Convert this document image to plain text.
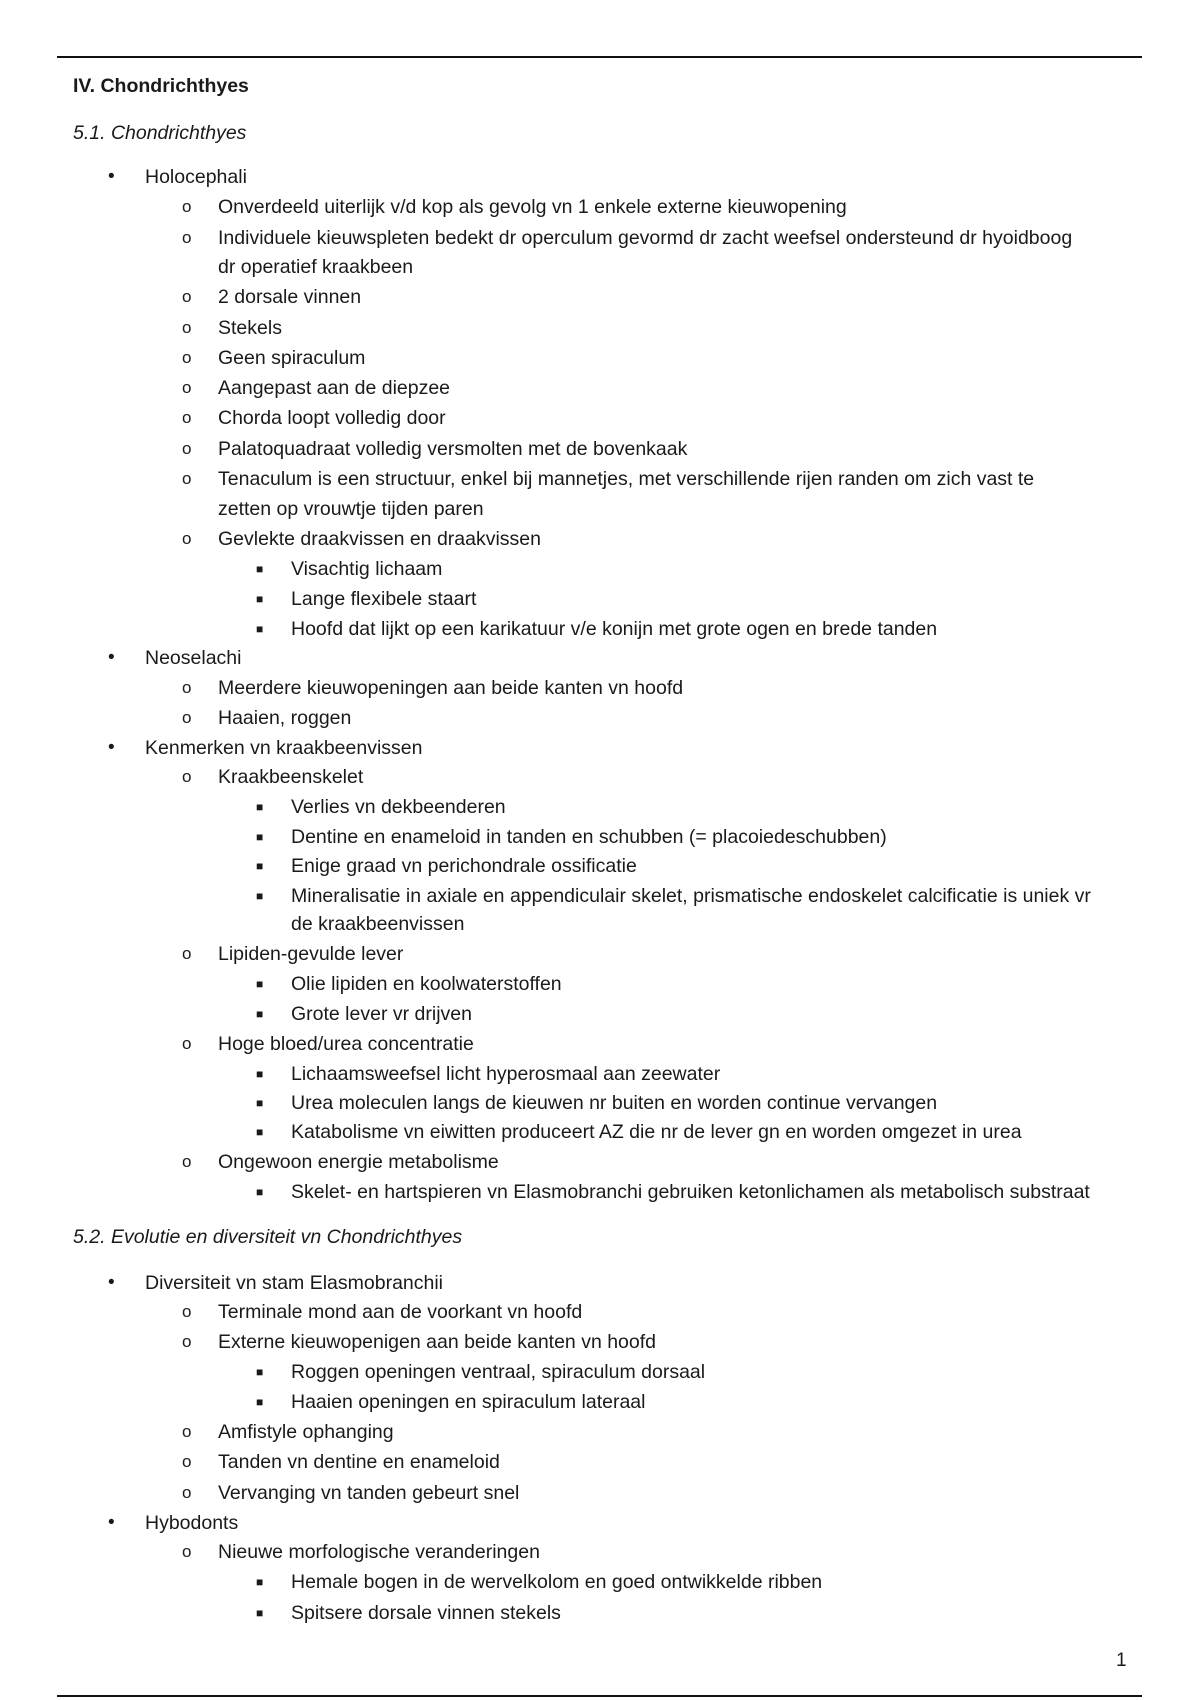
IV. Chondrichthyes
5.1. Chondrichthyes
• Holocephali
o Onverdeeld uiterlijk v/d kop als gevolg vn 1 enkele externe kieuwopening
o Individuele kieuwspleten bedekt dr operculum gevormd dr zacht weefsel ondersteund dr hyoidboog
dr operatief kraakbeen
o 2 dorsale vinnen
o Stekels
o Geen spiraculum
o Aangepast aan de diepzee
o Chorda loopt volledig door
o Palatoquadraat volledig versmolten met de bovenkaak
o Tenaculum is een structuur, enkel bij mannetjes, met verschillende rijen randen om zich vast te
zetten op vrouwtje tijden paren
o Gevlekte draakvissen en draakvissen
■ Visachtig lichaam
■ Lange flexibele staart
■ Hoofd dat lijkt op een karikatuur v/e konijn met grote ogen en brede tanden
• Neoselachi
o Meerdere kieuwopeningen aan beide kanten vn hoofd
o Haaien, roggen
• Kenmerken vn kraakbeenvissen
o Kraakbeenskelet
■ Verlies vn dekbeenderen
■ Dentine en enameloid in tanden en schubben (= placoiedeschubben)
■ Enige graad vn perichondrale ossificatie
■ Mineralisatie in axiale en appendiculair skelet, prismatische endoskelet calcificatie is uniek vr
de kraakbeenvissen
o Lipiden-gevulde lever
■ Olie lipiden en koolwaterstoffen
■ Grote lever vr drijven
o Hoge bloed/urea concentratie
■ Lichaamsweefsel licht hyperosmaal aan zeewater
■ Urea moleculen langs de kieuwen nr buiten en worden continue vervangen
■ Katabolisme vn eiwitten produceert AZ die nr de lever gn en worden omgezet in urea
o Ongewoon energie metabolisme
■ Skelet- en hartspieren vn Elasmobranchi gebruiken ketonlichamen als metabolisch substraat
5.2. Evolutie en diversiteit vn Chondrichthyes
• Diversiteit vn stam Elasmobranchii
o Terminale mond aan de voorkant vn hoofd
o Externe kieuwopenigen aan beide kanten vn hoofd
■ Roggen openingen ventraal, spiraculum dorsaal
■ Haaien openingen en spiraculum lateraal
o Amfistyle ophanging
o Tanden vn dentine en enameloid
o Vervanging vn tanden gebeurt snel
• Hybodonts
o Nieuwe morfologische veranderingen
■ Hemale bogen in de wervelkolom en goed ontwikkelde ribben
■ Spitsere dorsale vinnen stekels
1
